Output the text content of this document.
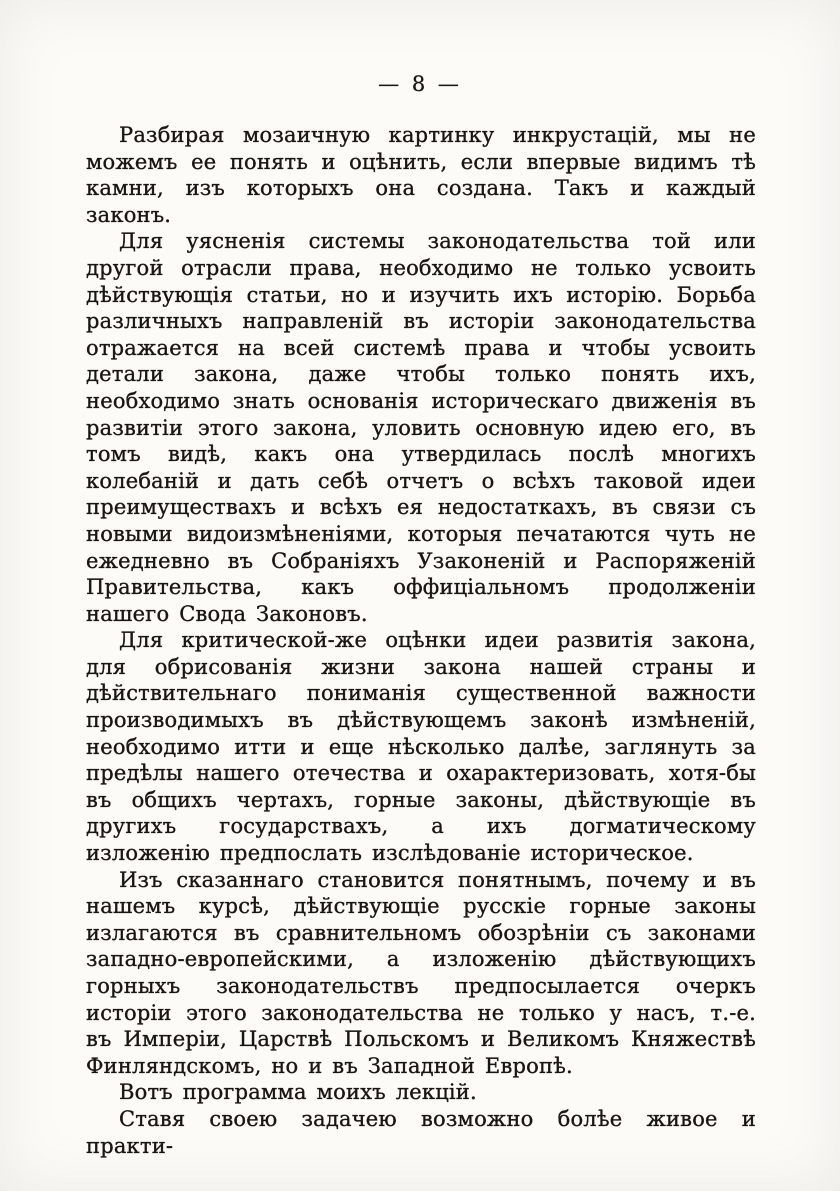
— 8 —

Разбирая мозаичную картинку инкрустацій, мы не можемъ ее понять и оцѣнить, если впервые видимъ тѣ камни, изъ которыхъ она создана. Такъ и каждый законъ.

Для уясненія системы законодательства той или другой отрасли права, необходимо не только усвоить дѣйствующія статьи, но и изучить ихъ исторію. Борьба различныхъ направленій въ исторіи законодательства отражается на всей системѣ права и чтобы усвоить детали закона, даже чтобы только понять ихъ, необходимо знать основанія историческаго движенія въ развитіи этого закона, уловить основную идею его, въ томъ видѣ, какъ она утвердилась послѣ многихъ колебаній и дать себѣ отчетъ о всѣхъ таковой идеи преимуществахъ и всѣхъ ея недостаткахъ, въ связи съ новыми видоизмѣненіями, которыя печатаются чуть не ежедневно въ Собраніяхъ Узаконеній и Распоряженій Правительства, какъ оффиціальномъ продолженіи нашего Свода Законовъ.

Для критической-же оцѣнки идеи развитія закона, для обрисованія жизни закона нашей страны и дѣйствительнаго пониманія существенной важности производимыхъ въ дѣйствующемъ законѣ измѣненій, необходимо итти и еще нѣсколько далѣе, заглянуть за предѣлы нашего отечества и охарактеризовать, хотя-бы въ общихъ чертахъ, горные законы, дѣйствующіе въ другихъ государствахъ, а ихъ догматическому изложенію предпослать изслѣдованіе историческое.

Изъ сказаннаго становится понятнымъ, почему и въ нашемъ курсѣ, дѣйствующіе русскіе горные законы излагаются въ сравнительномъ обозрѣніи съ законами западно-европейскими, а изложенію дѣйствующихъ горныхъ законодательствъ предпосылается очеркъ исторіи этого законодательства не только у насъ, т.-е. въ Имперіи, Царствѣ Польскомъ и Великомъ Княжествѣ Финляндскомъ, но и въ Западной Европѣ.

Вотъ программа моихъ лекцій.

Ставя своею задачею возможно болѣе живое и практи-
